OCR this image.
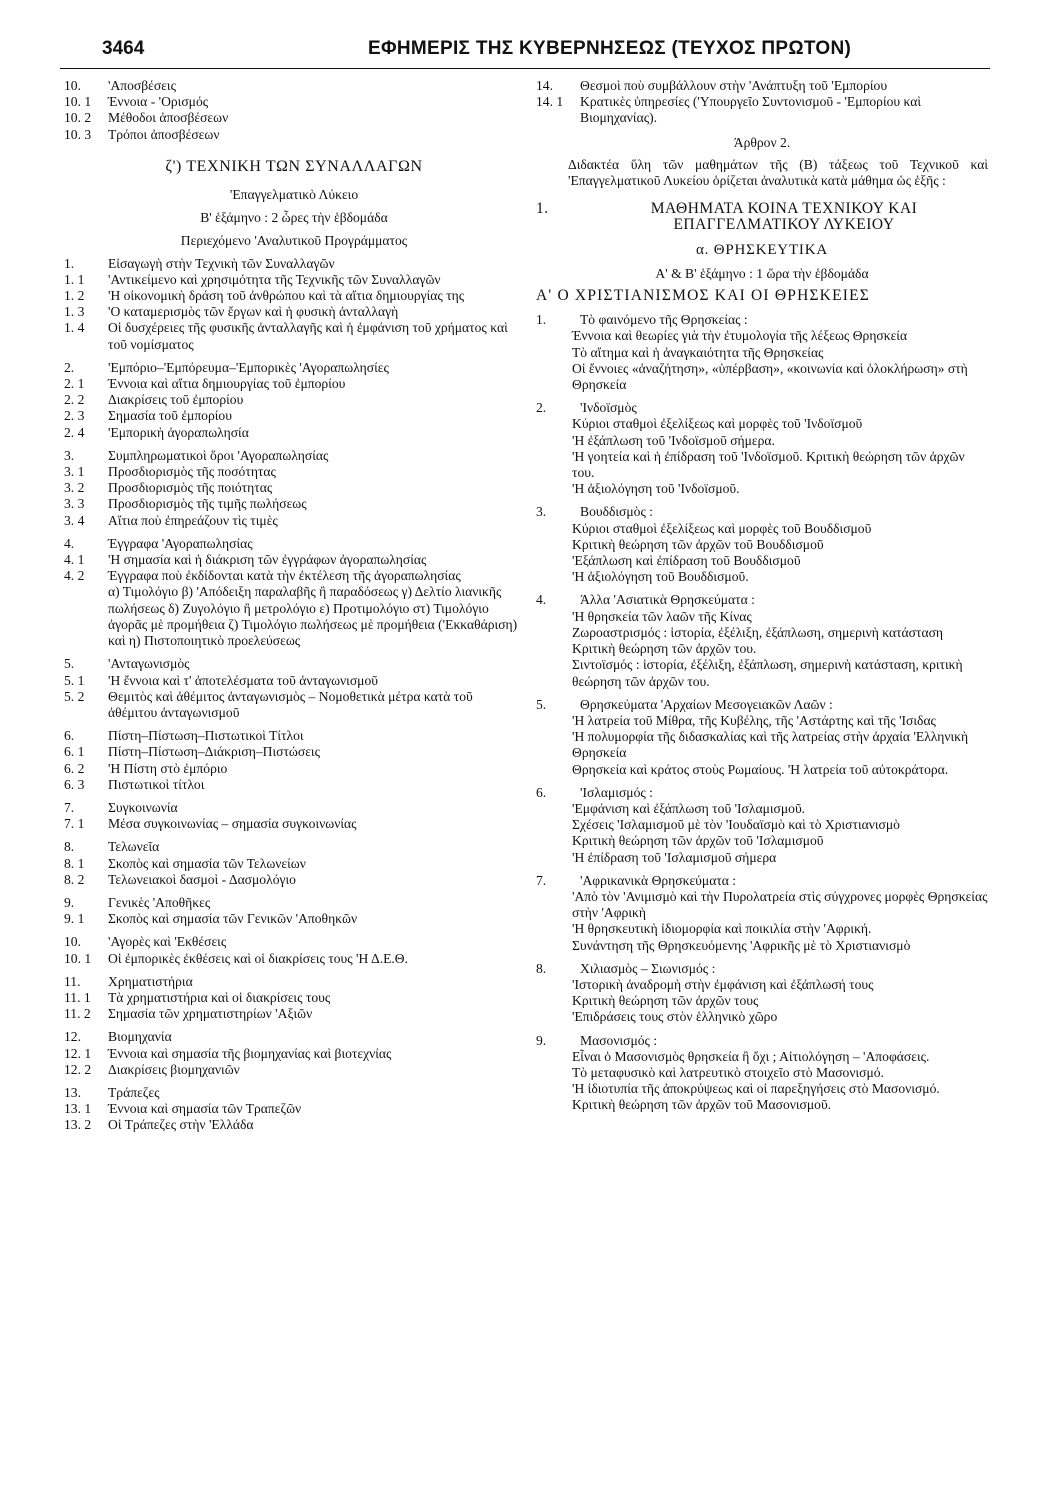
3464	ΕΦΗΜΕΡΙΣ ΤΗΣ ΚΥΒΕΡΝΗΣΕΩΣ (ΤΕΥΧΟΣ ΠΡΩΤΟΝ)
10.	'Αποσβέσεις
10. 1	Έννοια - 'Ορισμός
10. 2	Μέθοδοι ἀποσβέσεων
10. 3	Τρόποι ἀποσβέσεων
ζ') ΤΕΧΝΙΚΗ ΤΩΝ ΣΥΝΑΛΛΑΓΩΝ
'Επαγγελματικὸ Λύκειο
Β' ἑξάμηνο : 2 ὧρες τὴν ἑβδομάδα
Περιεχόμενο 'Αναλυτικοῦ Προγράμματος
1.	Εἰσαγωγὴ στὴν Τεχνικὴ τῶν Συναλλαγῶν
1. 1	'Αντικείμενο καὶ χρησιμότητα τῆς Τεχνικῆς τῶν Συναλλαγῶν
1. 2	'Η οἰκονομικὴ δράση τοῦ ἀνθρώπου καὶ τὰ αἴτια δημιουργίας της
1. 3	'Ο καταμερισμὸς τῶν ἔργων καὶ ἡ φυσικὴ ἀνταλλαγὴ
1. 4	Οἱ δυσχέρειες τῆς φυσικῆς ἀνταλλαγῆς καὶ ἡ ἐμφάνιση τοῦ χρήματος καὶ τοῦ νομίσματος
2.	'Εμπόριο–'Εμπόρευμα–'Εμπορικὲς 'Αγοραπωλησίες
2. 1	Έννοια καὶ αἴτια δημιουργίας τοῦ ἐμπορίου
2. 2	Διακρίσεις τοῦ ἐμπορίου
2. 3	Σημασία τοῦ ἐμπορίου
2. 4	'Εμπορικὴ ἀγοραπωλησία
3.	Συμπληρωματικοὶ ὅροι 'Αγοραπωλησίας
3. 1	Προσδιορισμὸς τῆς ποσότητας
3. 2	Προσδιορισμὸς τῆς ποιότητας
3. 3	Προσδιορισμὸς τῆς τιμῆς πωλήσεως
3. 4	Αἴτια ποὺ ἐπηρεάζουν τὶς τιμὲς
4.	Έγγραφα 'Αγοραπωλησίας
4. 1	'Η σημασία καὶ ἡ διάκριση τῶν ἐγγράφων ἀγοραπωλησίας
4. 2	Έγγραφα ποὺ ἐκδίδονται κατὰ τὴν ἐκτέλεση τῆς ἀγοραπωλησίας
α) Τιμολόγιο β) 'Απόδειξη παραλαβῆς ἢ παραδόσεως γ) Δελτίο λιανικῆς πωλήσεως δ) Ζυγολόγιο ἢ μετρολόγιο ε) Προτιμολόγιο στ) Τιμολόγιο ἀγορᾶς μὲ προμήθεια ζ) Τιμολόγιο πωλήσεως μὲ προμήθεια ('Εκκαθάριση) καὶ η) Πιστοποιητικὸ προελεύσεως
5.	'Ανταγωνισμὸς
5. 1	'Η ἔννοια καὶ τ' ἀποτελέσματα τοῦ ἀνταγωνισμοῦ
5. 2	Θεμιτὸς καὶ ἀθέμιτος ἀνταγωνισμὸς – Νομοθετικὰ μέτρα κατὰ τοῦ ἀθέμιτου ἀνταγωνισμοῦ
6.	Πίστη–Πίστωση–Πιστωτικοὶ Τίτλοι
6. 1	Πίστη–Πίστωση–Διάκριση–Πιστώσεις
6. 2	'Η Πίστη στὸ ἐμπόριο
6. 3	Πιστωτικοὶ τίτλοι
7.	Συγκοινωνία
7. 1	Μέσα συγκοινωνίας – σημασία συγκοινωνίας
8.	Τελωνεῖα
8. 1	Σκοπὸς καὶ σημασία τῶν Τελωνείων
8. 2	Τελωνειακοὶ δασμοὶ - Δασμολόγιο
9.	Γενικὲς 'Αποθῆκες
9. 1	Σκοπὸς καὶ σημασία τῶν Γενικῶν 'Αποθηκῶν
10.	'Αγορὲς καὶ 'Εκθέσεις
10. 1	Οἱ ἐμπορικὲς ἐκθέσεις καὶ οἱ διακρίσεις τους 'Η Δ.Ε.Θ.
11.	Χρηματιστήρια
11. 1	Τὰ χρηματιστήρια καὶ οἱ διακρίσεις τους
11. 2	Σημασία τῶν χρηματιστηρίων 'Αξιῶν
12.	Βιομηχανία
12. 1	Έννοια καὶ σημασία τῆς βιομηχανίας καὶ βιοτεχνίας
12. 2	Διακρίσεις βιομηχανιῶν
13.	Τράπεζες
13. 1	Έννοια καὶ σημασία τῶν Τραπεζῶν
13. 2	Οἱ Τράπεζες στὴν 'Ελλάδα
14.	Θεσμοὶ ποὺ συμβάλλουν στὴν 'Ανάπτυξη τοῦ 'Εμπορίου
14. 1	Κρατικὲς ὑπηρεσίες ('Υπουργεῖο Συντονισμοῦ - 'Εμπορίου καὶ Βιομηχανίας).
Άρθρον 2.
Διδακτέα ὕλη τῶν μαθημάτων τῆς (Β) τάξεως τοῦ Τεχνικοῦ καὶ 'Επαγγελματικοῦ Λυκείου ὁρίζεται ἀναλυτικὰ κατὰ μάθημα ὡς ἑξῆς :
1.	ΜΑΘΗΜΑΤΑ ΚΟΙΝΑ ΤΕΧΝΙΚΟΥ ΚΑΙ ΕΠΑΓΓΕΛΜΑΤΙΚΟΥ ΛΥΚΕΙΟΥ
α. ΘΡΗΣΚΕΥΤΙΚΑ
Α' & Β' ἑξάμηνο : 1 ὥρα τὴν ἑβδομάδα
Α' Ο ΧΡΙΣΤΙΑΝΙΣΜΟΣ ΚΑΙ ΟΙ ΘΡΗΣΚΕΙΕΣ
1.	Τὸ φαινόμενο τῆς Θρησκείας :
Έννοια καὶ θεωρίες γιὰ τὴν ἐτυμολογία τῆς λέξεως Θρησκεία
Τὸ αἴτημα καὶ ἡ ἀναγκαιότητα τῆς Θρησκείας
Οἱ ἔννοιες «ἀναζήτηση», «ὑπέρβαση», «κοινωνία καὶ ὁλοκλήρωση» στὴ Θρησκεία
2.	'Ινδοϊσμὸς
Κύριοι σταθμοὶ ἐξελίξεως καὶ μορφὲς τοῦ 'Ινδοϊσμοῦ
'Η ἐξάπλωση τοῦ 'Ινδοϊσμοῦ σήμερα.
'Η γοητεία καὶ ἡ ἐπίδραση τοῦ 'Ινδοϊσμοῦ. Κριτικὴ θεώρηση τῶν ἀρχῶν του.
'Η ἀξιολόγηση τοῦ 'Ινδοϊσμοῦ.
3.	Βουδδισμὸς :
Κύριοι σταθμοὶ ἐξελίξεως καὶ μορφὲς τοῦ Βουδδισμοῦ
Κριτικὴ θεώρηση τῶν ἀρχῶν τοῦ Βουδδισμοῦ
'Εξάπλωση καὶ ἐπίδραση τοῦ Βουδδισμοῦ
'Η ἀξιολόγηση τοῦ Βουδδισμοῦ.
4.	Άλλα 'Ασιατικὰ Θρησκεύματα :
'Η θρησκεία τῶν λαῶν τῆς Κίνας
Ζωροαστρισμός : ἱστορία, ἐξέλιξη, ἐξάπλωση, σημερινὴ κατάσταση
Κριτικὴ θεώρηση τῶν ἀρχῶν του.
Σιντοϊσμός : ἱστορία, ἐξέλιξη, ἐξάπλωση, σημερινὴ κατάσταση, κριτικὴ θεώρηση τῶν ἀρχῶν του.
5.	Θρησκεύματα 'Αρχαίων Μεσογειακῶν Λαῶν :
'Η λατρεία τοῦ Μίθρα, τῆς Κυβέλης, τῆς 'Αστάρτης καὶ τῆς 'Ισιδας
'Η πολυμορφία τῆς διδασκαλίας καὶ τῆς λατρείας στὴν ἀρχαία 'Ελληνικὴ Θρησκεία
Θρησκεία καὶ κράτος στοὺς Ρωμαίους. 'Η λατρεία τοῦ αὐτοκράτορα.
6.	'Ισλαμισμός :
'Εμφάνιση καὶ ἐξάπλωση τοῦ 'Ισλαμισμοῦ.
Σχέσεις 'Ισλαμισμοῦ μὲ τὸν 'Ιουδαϊσμὸ καὶ τὸ Χριστιανισμὸ
Κριτικὴ θεώρηση τῶν ἀρχῶν τοῦ 'Ισλαμισμοῦ
'Η ἐπίδραση τοῦ 'Ισλαμισμοῦ σήμερα
7.	'Αφρικανικὰ Θρησκεύματα :
'Απὸ τὸν 'Ανιμισμὸ καὶ τὴν Πυρολατρεία στὶς σύγχρονες μορφὲς Θρησκείας στὴν 'Αφρικὴ
'Η θρησκευτικὴ ἰδιομορφία καὶ ποικιλία στὴν 'Αφρική.
Συνάντηση τῆς Θρησκευόμενης 'Αφρικῆς μὲ τὸ Χριστιανισμὸ
8.	Χιλιασμὸς – Σιωνισμός :
'Ιστορικὴ ἀναδρομὴ στὴν ἐμφάνιση καὶ ἐξάπλωσή τους
Κριτικὴ θεώρηση τῶν ἀρχῶν τους
'Επιδράσεις τους στὸν ἑλληνικὸ χῶρο
9.	Μασονισμός :
Εἶναι ὁ Μασονισμὸς θρησκεία ἢ ὄχι ; Αἰτιολόγηση – 'Αποφάσεις.
Τὸ μεταφυσικὸ καὶ λατρευτικὸ στοιχεῖο στὸ Μασονισμό.
'Η ἰδιοτυπία τῆς ἀποκρύψεως καὶ οἱ παρεξηγήσεις στὸ Μασονισμό.
Κριτικὴ θεώρηση τῶν ἀρχῶν τοῦ Μασονισμοῦ.
